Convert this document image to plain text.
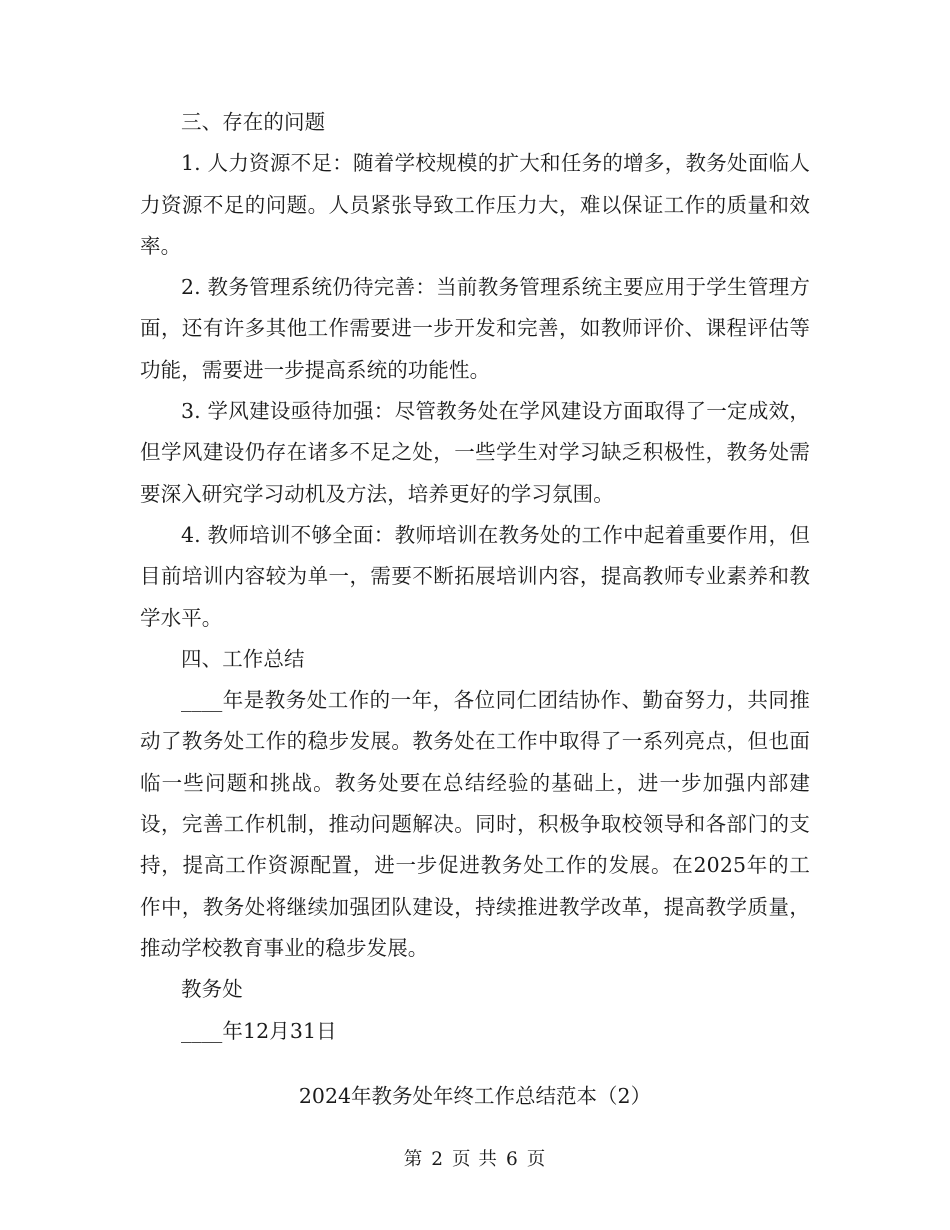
三、存在的问题

1. 人力资源不足：随着学校规模的扩大和任务的增多，教务处面临人力资源不足的问题。人员紧张导致工作压力大，难以保证工作的质量和效率。

2. 教务管理系统仍待完善：当前教务管理系统主要应用于学生管理方面，还有许多其他工作需要进一步开发和完善，如教师评价、课程评估等功能，需要进一步提高系统的功能性。

3. 学风建设亟待加强：尽管教务处在学风建设方面取得了一定成效，但学风建设仍存在诸多不足之处，一些学生对学习缺乏积极性，教务处需要深入研究学习动机及方法，培养更好的学习氛围。

4. 教师培训不够全面：教师培训在教务处的工作中起着重要作用，但目前培训内容较为单一，需要不断拓展培训内容，提高教师专业素养和教学水平。

四、工作总结

____年是教务处工作的一年，各位同仁团结协作、勤奋努力，共同推动了教务处工作的稳步发展。教务处在工作中取得了一系列亮点，但也面临一些问题和挑战。教务处要在总结经验的基础上，进一步加强内部建设，完善工作机制，推动问题解决。同时，积极争取校领导和各部门的支持，提高工作资源配置，进一步促进教务处工作的发展。在2025年的工作中，教务处将继续加强团队建设，持续推进教学改革，提高教学质量，推动学校教育事业的稳步发展。

教务处

____年12月31日

2024年教务处年终工作总结范本（2）
第 2 页 共 6 页
